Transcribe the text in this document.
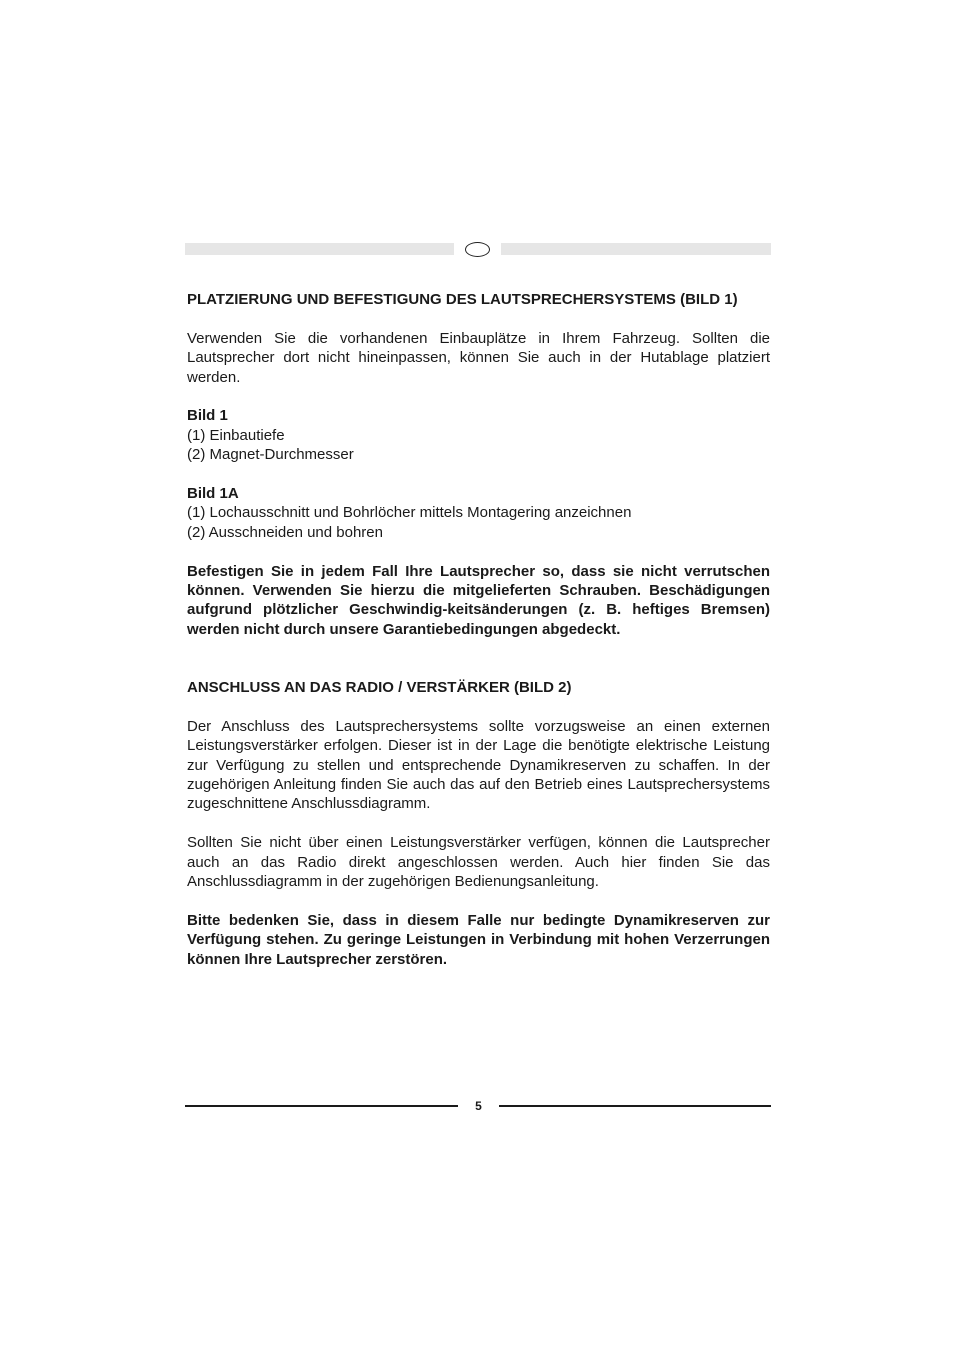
PLATZIERUNG UND BEFESTIGUNG DES LAUTSPRECHERSYSTEMS (BILD 1)

Verwenden Sie die vorhandenen Einbauplätze in Ihrem Fahrzeug. Sollten die Lautsprecher dort nicht hineinpassen, können Sie auch in der Hutablage platziert werden.

Bild 1

(1) Einbautiefe

(2) Magnet-Durchmesser

Bild 1A

(1) Lochausschnitt und Bohrlöcher mittels Montagering anzeichnen

(2) Ausschneiden und bohren

Befestigen Sie in jedem Fall Ihre Lautsprecher so, dass sie nicht verrutschen können. Verwenden Sie hierzu die mitgelieferten Schrauben. Beschädigungen aufgrund plötzlicher Geschwindig-keitsänderungen (z. B. heftiges Bremsen) werden nicht durch unsere Garantiebedingungen abgedeckt.

ANSCHLUSS AN DAS RADIO / VERSTÄRKER (BILD 2)

Der Anschluss des Lautsprechersystems sollte vorzugsweise an einen externen Leistungsverstärker erfolgen. Dieser ist in der Lage die benötigte elektrische Leistung zur Verfügung zu stellen und entsprechende Dynamikreserven zu schaffen. In der zugehörigen Anleitung finden Sie auch das auf den Betrieb eines Lautsprechersystems zugeschnittene Anschlussdiagramm.

Sollten Sie nicht über einen Leistungsverstärker verfügen, können die Lautsprecher auch an das Radio direkt angeschlossen werden. Auch hier finden Sie das Anschlussdiagramm in der zugehörigen Bedienungsanleitung.

Bitte bedenken Sie, dass in diesem Falle nur bedingte Dynamikreserven zur Verfügung stehen. Zu geringe Leistungen in Verbindung mit hohen Verzerrungen können Ihre Lautsprecher zerstören.

5
